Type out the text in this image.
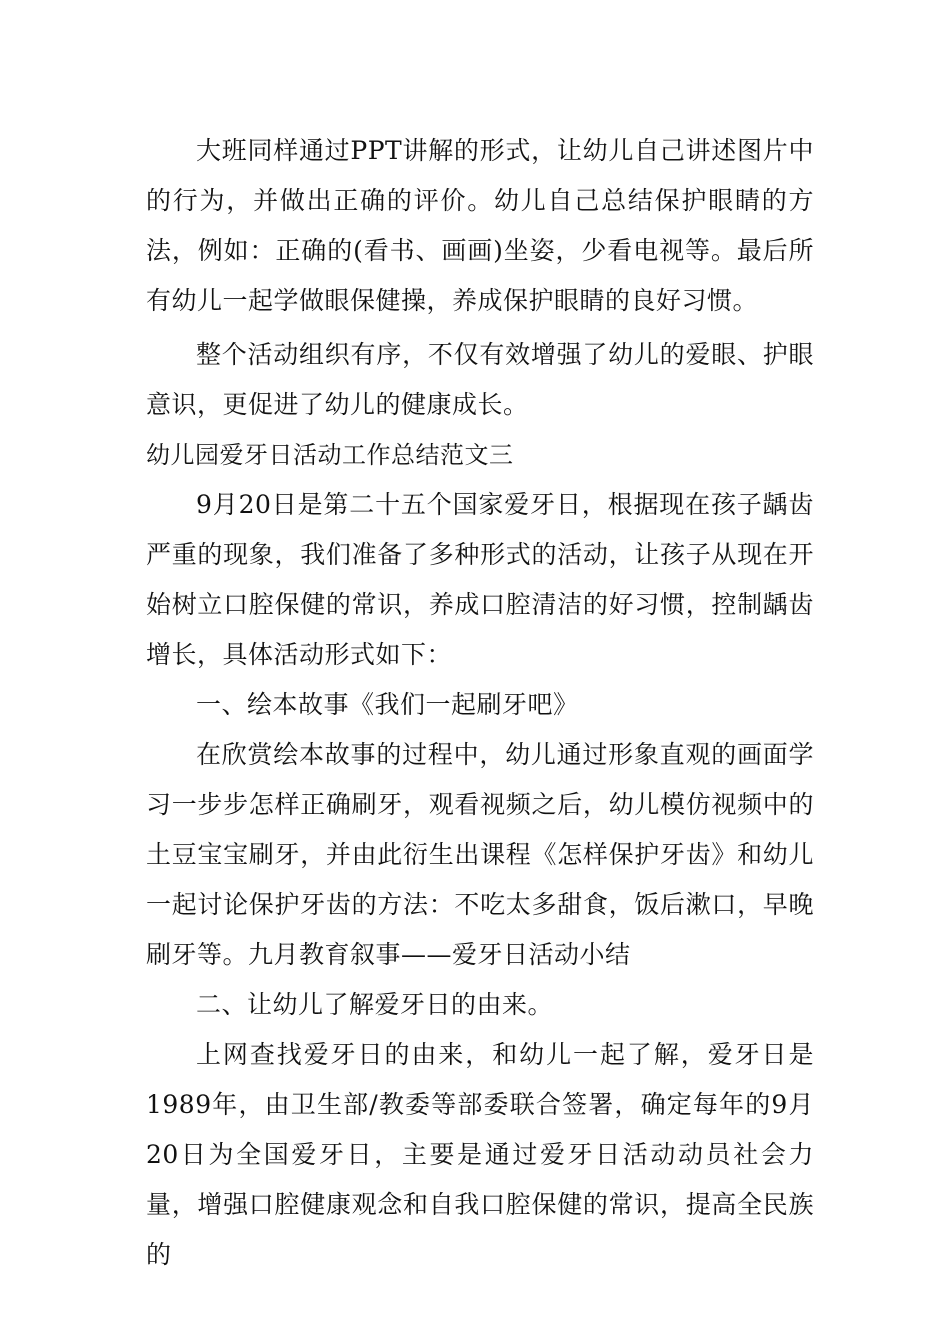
大班同样通过PPT讲解的形式，让幼儿自己讲述图片中的行为，并做出正确的评价。幼儿自己总结保护眼睛的方法，例如：正确的(看书、画画)坐姿，少看电视等。最后所有幼儿一起学做眼保健操，养成保护眼睛的良好习惯。

整个活动组织有序，不仅有效增强了幼儿的爱眼、护眼意识，更促进了幼儿的健康成长。

幼儿园爱牙日活动工作总结范文三

9月20日是第二十五个国家爱牙日，根据现在孩子龋齿严重的现象，我们准备了多种形式的活动，让孩子从现在开始树立口腔保健的常识，养成口腔清洁的好习惯，控制龋齿增长，具体活动形式如下：

一、绘本故事《我们一起刷牙吧》

在欣赏绘本故事的过程中，幼儿通过形象直观的画面学习一步步怎样正确刷牙，观看视频之后，幼儿模仿视频中的土豆宝宝刷牙，并由此衍生出课程《怎样保护牙齿》和幼儿一起讨论保护牙齿的方法：不吃太多甜食，饭后漱口，早晚刷牙等。九月教育叙事——爱牙日活动小结

二、让幼儿了解爱牙日的由来。

上网查找爱牙日的由来，和幼儿一起了解，爱牙日是1989年，由卫生部/教委等部委联合签署，确定每年的9月20日为全国爱牙日，主要是通过爱牙日活动动员社会力量，增强口腔健康观念和自我口腔保健的常识，提高全民族的
